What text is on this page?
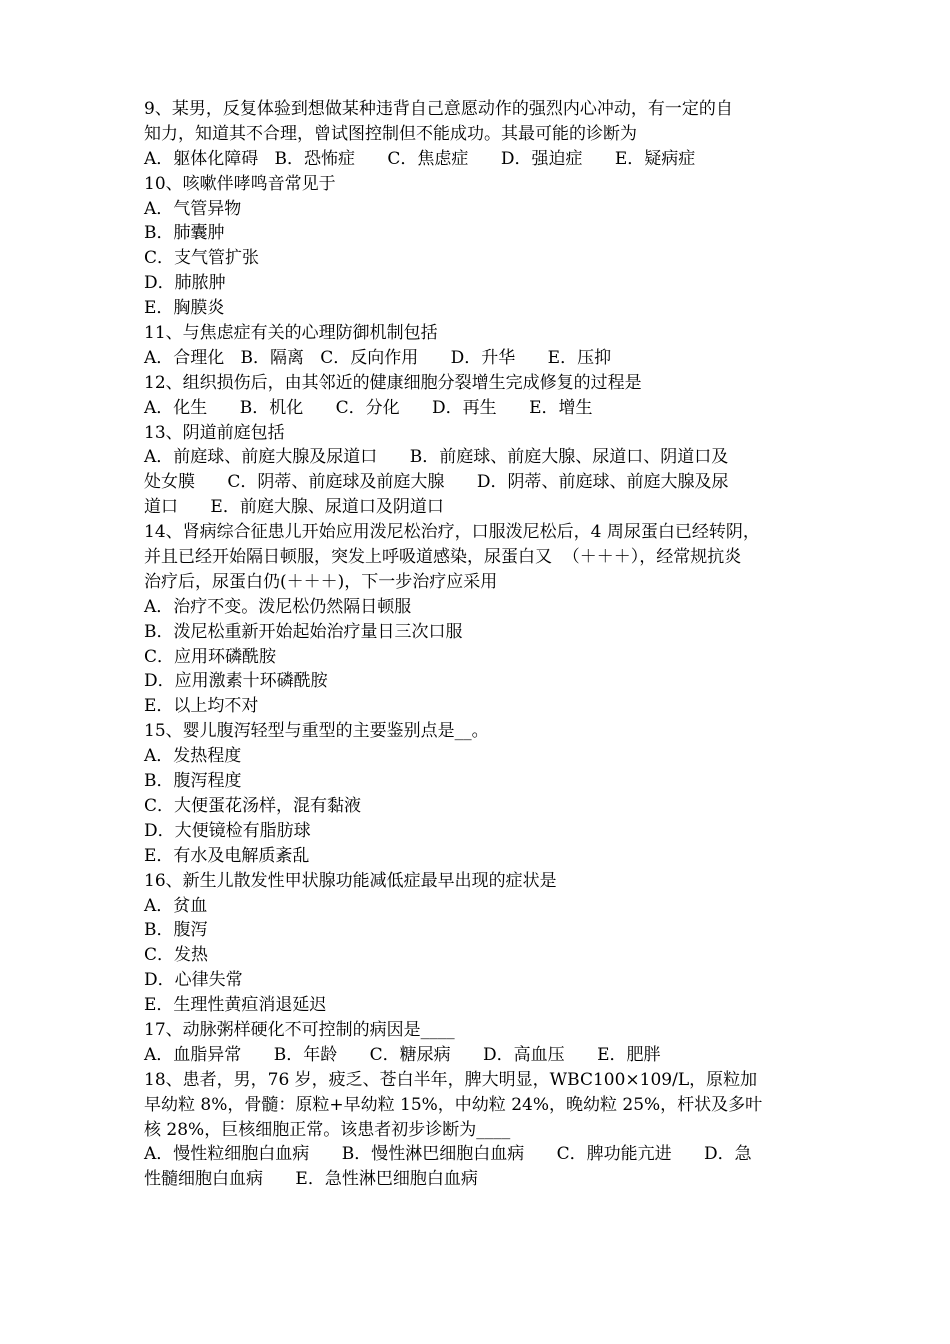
9、某男，反复体验到想做某种违背自己意愿动作的强烈内心冲动，有一定的自
知力，知道其不合理，曾试图控制但不能成功。其最可能的诊断为
A．躯体化障碍   B．恐怖症      C．焦虑症      D．强迫症      E．疑病症
10、咳嗽伴哮鸣音常见于
A．气管异物
B．肺囊肿
C．支气管扩张
D．肺脓肿
E．胸膜炎
11、与焦虑症有关的心理防御机制包括
A．合理化   B．隔离   C．反向作用      D．升华      E．压抑
12、组织损伤后，由其邻近的健康细胞分裂增生完成修复的过程是
A．化生      B．机化      C．分化      D．再生      E．增生
13、阴道前庭包括
A．前庭球、前庭大腺及尿道口      B．前庭球、前庭大腺、尿道口、阴道口及
处女膜      C．阴蒂、前庭球及前庭大腺      D．阴蒂、前庭球、前庭大腺及尿
道口      E．前庭大腺、尿道口及阴道口
14、肾病综合征患儿开始应用泼尼松治疗，口服泼尼松后，4 周尿蛋白已经转阴，
并且已经开始隔日顿服，突发上呼吸道感染，尿蛋白又  （＋＋＋），经常规抗炎
治疗后，尿蛋白仍(＋＋＋)，下一步治疗应采用
A．治疗不变。泼尼松仍然隔日顿服
B．泼尼松重新开始起始治疗量日三次口服
C．应用环磷酰胺
D．应用激素十环磷酰胺
E．以上均不对
15、婴儿腹泻轻型与重型的主要鉴别点是__。
A．发热程度
B．腹泻程度
C．大便蛋花汤样，混有黏液
D．大便镜检有脂肪球
E．有水及电解质紊乱
16、新生儿散发性甲状腺功能减低症最早出现的症状是
A．贫血
B．腹泻
C．发热
D．心律失常
E．生理性黄疸消退延迟
17、动脉粥样硬化不可控制的病因是____
A．血脂异常      B．年龄      C．糖尿病      D．高血压      E．肥胖
18、患者，男，76 岁，疲乏、苍白半年，脾大明显，WBC100×109/L，原粒加
早幼粒 8%，骨髓：原粒+早幼粒 15%，中幼粒 24%，晚幼粒 25%，杆状及多叶
核 28%，巨核细胞正常。该患者初步诊断为____
A．慢性粒细胞白血病      B．慢性淋巴细胞白血病      C．脾功能亢进      D．急
性髓细胞白血病      E．急性淋巴细胞白血病
